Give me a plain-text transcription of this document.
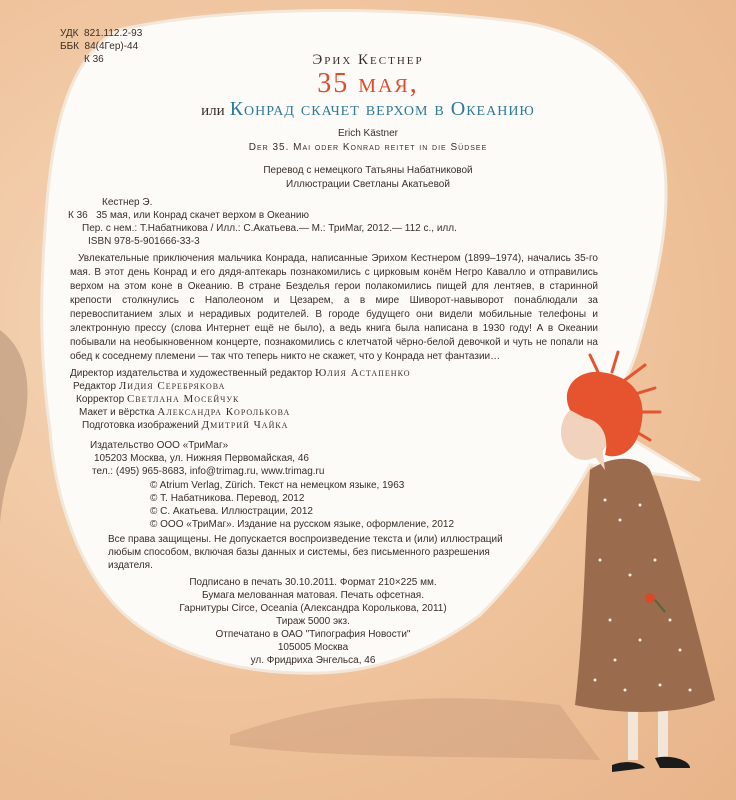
УДК  821.112.2-93
ББК  84(4Гер)-44
К 36	Эрих Кестнер
35 мая,
или Конрад скачет верхом в Океанию
Erich Kästner
Der 35. Mai oder Konrad reitet in die Südsee
Перевод с немецкого Татьяны Набатниковой
Иллюстрации Светланы Акатьевой
Кестнер Э.
К 36 35 мая, или Конрад скачет верхом в Океанию
Пер. с нем.: Т.Набатникова / Илл.: С.Акатьева.— М.: ТриМаг, 2012.— 112 с., илл.
ISBN 978-5-901666-33-3
Увлекательные приключения мальчика Конрада, написанные Эрихом Кестнером (1899–1974), начались 35-го мая. В этот день Конрад и его дядя-аптекарь познакомились с цирковым конём Негро Кавалло и отправились верхом на этом коне в Океанию. В стране Безделья герои полакомились пищей для лентяев, в старинной крепости столкнулись с Наполеоном и Цезарем, а в мире Шиворот-навыворот понаблюдали за перевоспитанием злых и нерадивых родителей. В городе будущего они видели мобильные телефоны и электронную прессу (слова Интернет ещё не было), а ведь книга была написана в 1930 году! А в Океании побывали на необыкновенном концерте, познакомились с клетчатой чёрно-белой девочкой и чуть не попали на обед к соседнему племени — так что теперь никто не скажет, что у Конрада нет фантазии…
Директор издательства и художественный редактор Юлия Астапенко
Редактор Лидия Серебрякова
Корректор Светлана Мосейчук
Макет и вёрстка Александра Королькова
Подготовка изображений Дмитрий Чайка
Издательство ООО «ТриМаг»
105203 Москва, ул. Нижняя Первомайская, 46
тел.: (495) 965-8683, info@trimag.ru, www.trimag.ru
© Atrium Verlag, Zürich. Текст на немецком языке, 1963
© Т. Набатникова. Перевод, 2012
© С. Акатьева. Иллюстрации, 2012
© ООО «ТриМаг». Издание на русском языке, оформление, 2012
Все права защищены. Не допускается воспроизведение текста и (или) иллюстраций любым способом, включая базы данных и системы, без письменного разрешения издателя.
Подписано в печать 30.10.2011. Формат 210×225 мм.
Бумага мелованная матовая. Печать офсетная.
Гарнитуры Circe, Oceania (Александра Королькова, 2011)
Тираж 5000 экз.
Отпечатано в ОАО "Типография Новости"
105005 Москва
ул. Фридриха Энгельса, 46
